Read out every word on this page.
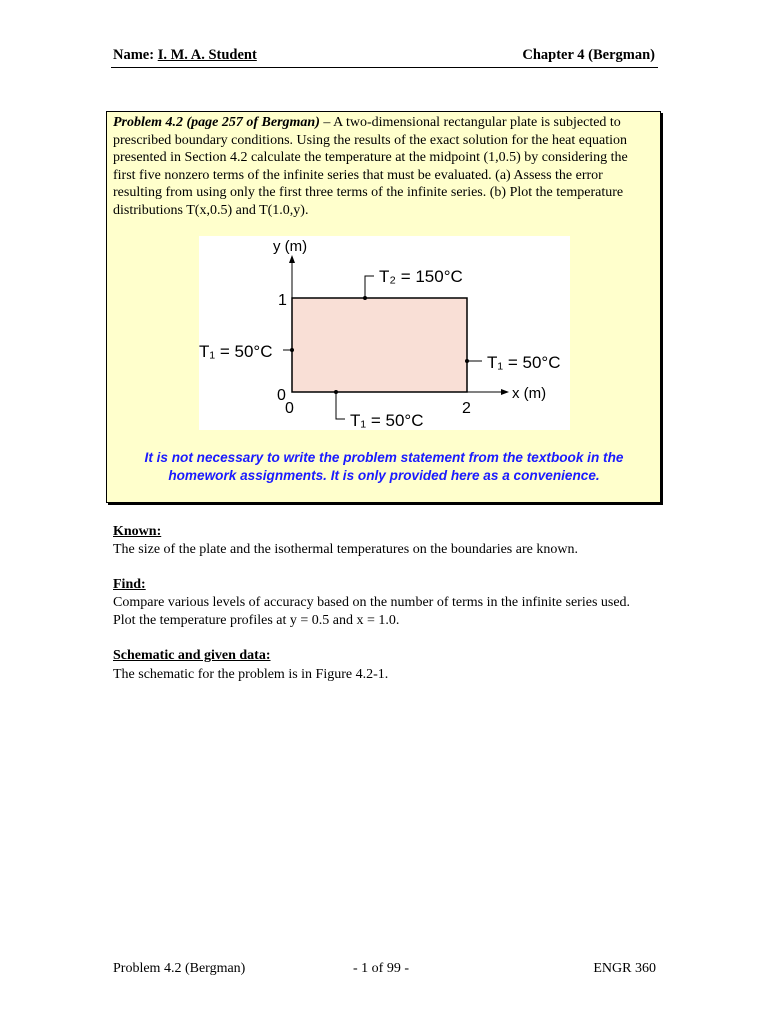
Name: I. M. A. Student	Chapter 4 (Bergman)
Problem 4.2 (page 257 of Bergman) – A two-dimensional rectangular plate is subjected to prescribed boundary conditions. Using the results of the exact solution for the heat equation presented in Section 4.2 calculate the temperature at the midpoint (1,0.5) by considering the first five nonzero terms of the infinite series that must be evaluated. (a) Assess the error resulting from using only the first three terms of the infinite series. (b) Plot the temperature distributions T(x,0.5) and T(1.0,y).
y (m)
x (m)
1
0
0	2
T₂ = 150°C
T₁ = 50°C
T₁ = 50°C
T₁ = 50°C
It is not necessary to write the problem statement from the textbook in the homework assignments. It is only provided here as a convenience.
Known:
The size of the plate and the isothermal temperatures on the boundaries are known.
Find:
Compare various levels of accuracy based on the number of terms in the infinite series used. Plot the temperature profiles at y = 0.5 and x = 1.0.
Schematic and given data:
The schematic for the problem is in Figure 4.2-1.
Problem 4.2 (Bergman)	- 1 of 99 -	ENGR 360
